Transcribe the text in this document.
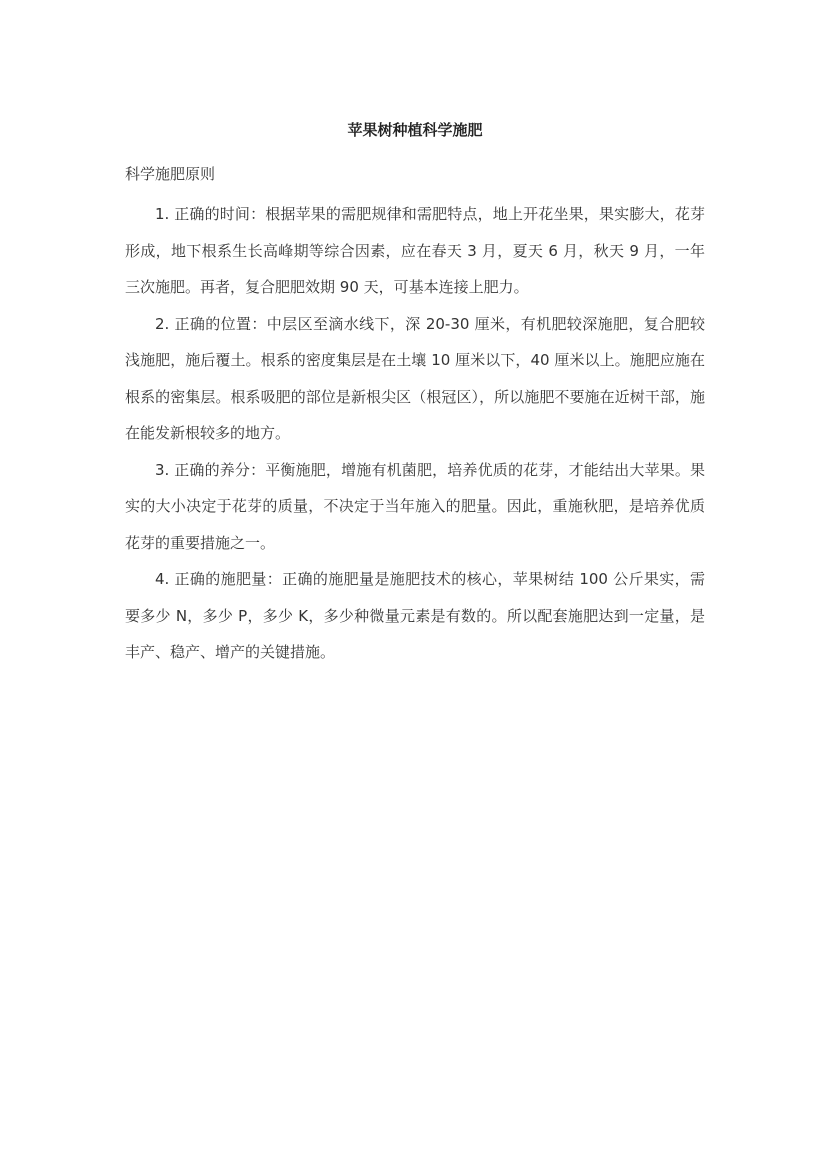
苹果树种植科学施肥
科学施肥原则

1. 正确的时间：根据苹果的需肥规律和需肥特点，地上开花坐果，果实膨大，花芽形成，地下根系生长高峰期等综合因素，应在春天 3 月，夏天 6 月，秋天 9 月，一年三次施肥。再者，复合肥肥效期 90 天，可基本连接上肥力。

2. 正确的位置：中层区至滴水线下，深 20-30 厘米，有机肥较深施肥，复合肥较浅施肥，施后覆土。根系的密度集层是在土壤 10 厘米以下，40 厘米以上。施肥应施在根系的密集层。根系吸肥的部位是新根尖区（根冠区），所以施肥不要施在近树干部，施在能发新根较多的地方。

3. 正确的养分：平衡施肥，增施有机菌肥，培养优质的花芽，才能结出大苹果。果实的大小决定于花芽的质量，不决定于当年施入的肥量。因此，重施秋肥，是培养优质花芽的重要措施之一。

4. 正确的施肥量：正确的施肥量是施肥技术的核心，苹果树结 100 公斤果实，需要多少 N，多少 P，多少 K，多少种微量元素是有数的。所以配套施肥达到一定量，是丰产、稳产、增产的关键措施。
